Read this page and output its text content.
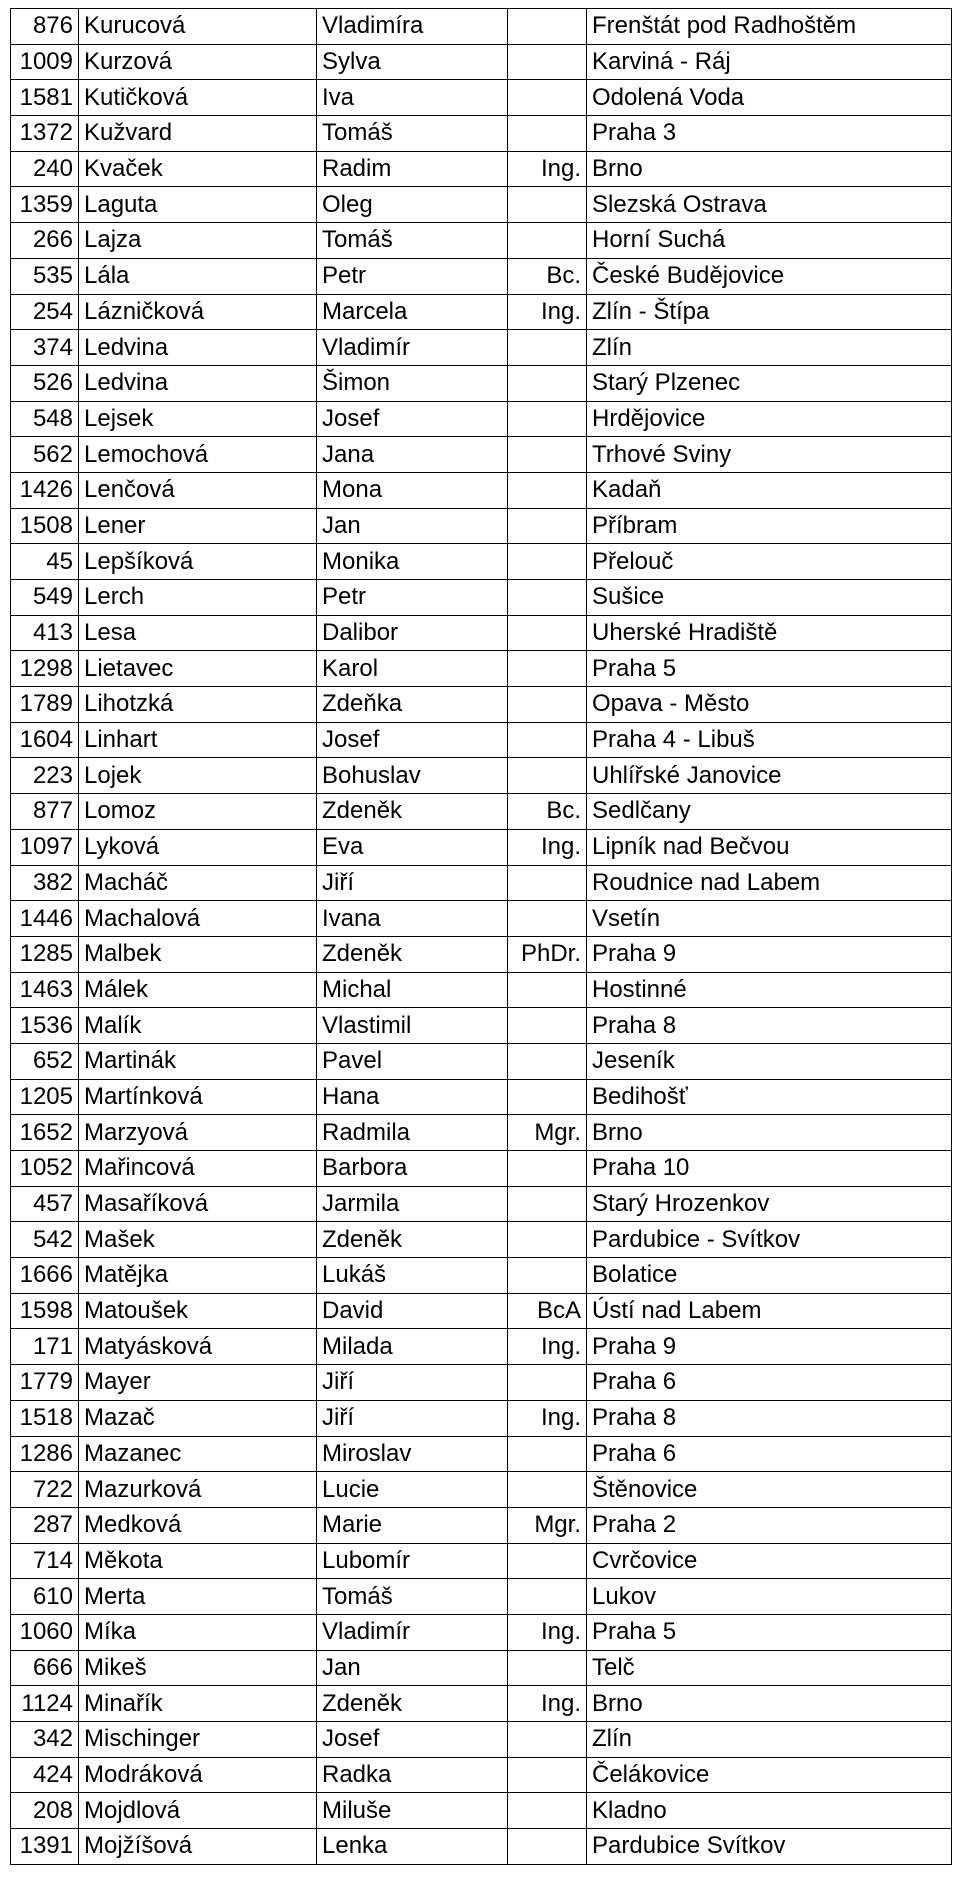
876	Kurucová	Vladimíra		Frenštát pod Radhoštěm
1009	Kurzová	Sylva		Karviná - Ráj
1581	Kutičková	Iva		Odolená Voda
1372	Kužvard	Tomáš		Praha 3
240	Kvaček	Radim	Ing.	Brno
1359	Laguta	Oleg		Slezská Ostrava
266	Lajza	Tomáš		Horní Suchá
535	Lála	Petr	Bc.	České Budějovice
254	Lázničková	Marcela	Ing.	Zlín - Štípa
374	Ledvina	Vladimír		Zlín
526	Ledvina	Šimon		Starý Plzenec
548	Lejsek	Josef		Hrdějovice
562	Lemochová	Jana		Trhové Sviny
1426	Lenčová	Mona		Kadaň
1508	Lener	Jan		Příbram
45	Lepšíková	Monika		Přelouč
549	Lerch	Petr		Sušice
413	Lesa	Dalibor		Uherské Hradiště
1298	Lietavec	Karol		Praha 5
1789	Lihotzká	Zdeňka		Opava - Město
1604	Linhart	Josef		Praha 4 - Libuš
223	Lojek	Bohuslav		Uhlířské Janovice
877	Lomoz	Zdeněk	Bc.	Sedlčany
1097	Lyková	Eva	Ing.	Lipník nad Bečvou
382	Macháč	Jiří		Roudnice nad Labem
1446	Machalová	Ivana		Vsetín
1285	Malbek	Zdeněk	PhDr.	Praha 9
1463	Málek	Michal		Hostinné
1536	Malík	Vlastimil		Praha 8
652	Martinák	Pavel		Jeseník
1205	Martínková	Hana		Bedihošť
1652	Marzyová	Radmila	Mgr.	Brno
1052	Mařincová	Barbora		Praha 10
457	Masaříková	Jarmila		Starý Hrozenkov
542	Mašek	Zdeněk		Pardubice - Svítkov
1666	Matějka	Lukáš		Bolatice
1598	Matoušek	David	BcA	Ústí nad Labem
171	Matyásková	Milada	Ing.	Praha 9
1779	Mayer	Jiří		Praha 6
1518	Mazač	Jiří	Ing.	Praha 8
1286	Mazanec	Miroslav		Praha 6
722	Mazurková	Lucie		Štěnovice
287	Medková	Marie	Mgr.	Praha 2
714	Měkota	Lubomír		Cvrčovice
610	Merta	Tomáš		Lukov
1060	Míka	Vladimír	Ing.	Praha 5
666	Mikeš	Jan		Telč
1124	Minařík	Zdeněk	Ing.	Brno
342	Mischinger	Josef		Zlín
424	Modráková	Radka		Čelákovice
208	Mojdlová	Miluše		Kladno
1391	Mojžíšová	Lenka		Pardubice Svítkov
